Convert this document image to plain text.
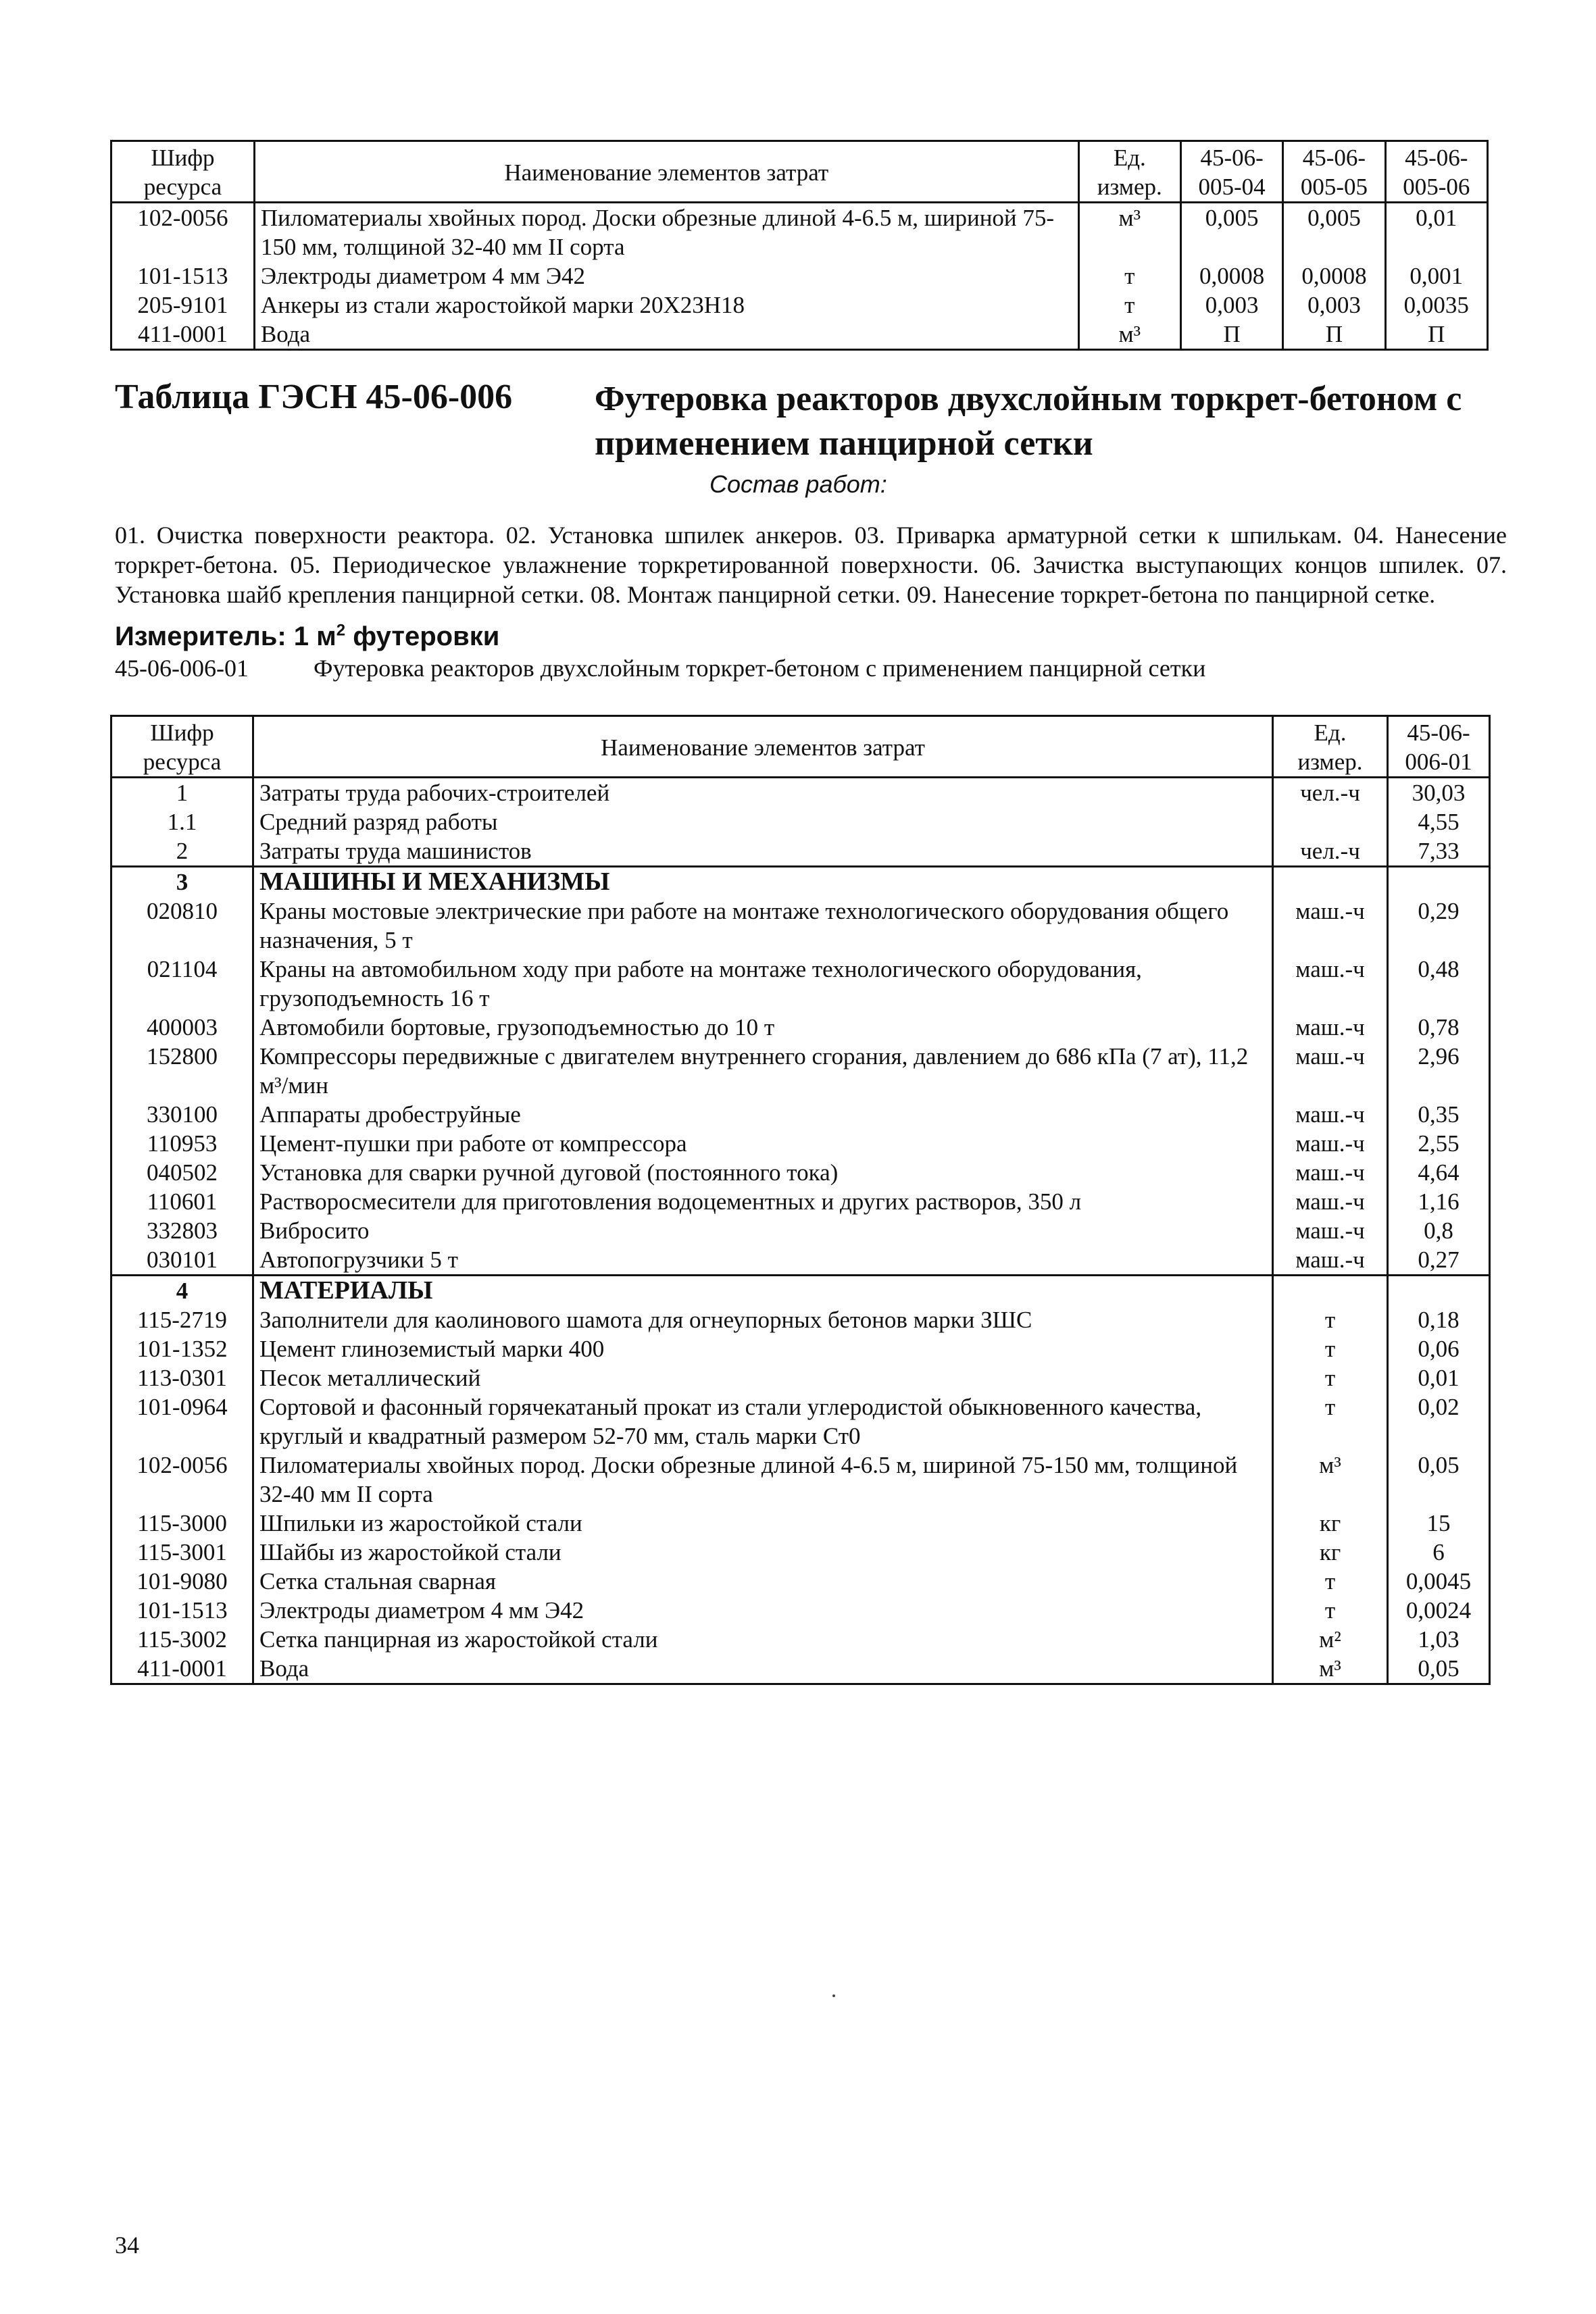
Шифр ресурса	Наименование элементов затрат	Ед. измер.	45-06-005-04	45-06-005-05	45-06-005-06
102-0056	Пиломатериалы хвойных пород. Доски обрезные длиной 4-6.5 м, шириной 75-150 мм, толщиной 32-40 мм II сорта	м³	0,005	0,005	0,01
101-1513	Электроды диаметром 4 мм Э42	т	0,0008	0,0008	0,001
205-9101	Анкеры из стали жаростойкой марки 20Х23Н18	т	0,003	0,003	0,0035
411-0001	Вода	м³	П	П	П
Таблица ГЭСН 45-06-006 Футеровка реакторов двухслойным торкрет-бетоном с применением панцирной сетки
Состав работ:
01. Очистка поверхности реактора. 02. Установка шпилек анкеров. 03. Приварка арматурной сетки к шпилькам. 04. Нанесение торкрет-бетона. 05. Периодическое увлажнение торкретированной поверхности. 06. Зачистка выступающих концов шпилек. 07. Установка шайб крепления панцирной сетки. 08. Монтаж панцирной сетки. 09. Нанесение торкрет-бетона по панцирной сетке.
Измеритель: 1 $м^2$ футеровки
45-06-006-01	Футеровка реакторов двухслойным торкрет-бетоном с применением панцирной сетки
Шифр ресурса	Наименование элементов затрат	Ед. измер.	45-06-006-01
1	Затраты труда рабочих-строителей	чел.-ч	30,03
1.1	Средний разряд работы		4,55
2	Затраты труда машинистов	чел.-ч	7,33
3	МАШИНЫ И МЕХАНИЗМЫ		
020810	Краны мостовые электрические при работе на монтаже технологического оборудования общего назначения, 5 т	маш.-ч	0,29
021104	Краны на автомобильном ходу при работе на монтаже технологического оборудования, грузоподъемность 16 т	маш.-ч	0,48
400003	Автомобили бортовые, грузоподъемностью до 10 т	маш.-ч	0,78
152800	Компрессоры передвижные с двигателем внутреннего сгорания, давлением до 686 кПа (7 ат), 11,2 м³/мин	маш.-ч	2,96
330100	Аппараты дробеструйные	маш.-ч	0,35
110953	Цемент-пушки при работе от компрессора	маш.-ч	2,55
040502	Установка для сварки ручной дуговой (постоянного тока)	маш.-ч	4,64
110601	Растворосмесители для приготовления водоцементных и других растворов, 350 л	маш.-ч	1,16
332803	Вибросито	маш.-ч	0,8
030101	Автопогрузчики 5 т	маш.-ч	0,27
4	МАТЕРИАЛЫ		
115-2719	Заполнители для каолинового шамота для огнеупорных бетонов марки ЗШС	т	0,18
101-1352	Цемент глиноземистый марки 400	т	0,06
113-0301	Песок металлический	т	0,01
101-0964	Сортовой и фасонный горячекатаный прокат из стали углеродистой обыкновенного качества, круглый и квадратный размером 52-70 мм, сталь марки Ст0	т	0,02
102-0056	Пиломатериалы хвойных пород. Доски обрезные длиной 4-6.5 м, шириной 75-150 мм, толщиной 32-40 мм II сорта	м³	0,05
115-3000	Шпильки из жаростойкой стали	кг	15
115-3001	Шайбы из жаростойкой стали	кг	6
101-9080	Сетка стальная сварная	т	0,0045
101-1513	Электроды диаметром 4 мм Э42	т	0,0024
115-3002	Сетка панцирная из жаростойкой стали	м²	1,03
411-0001	Вода	м³	0,05
34
